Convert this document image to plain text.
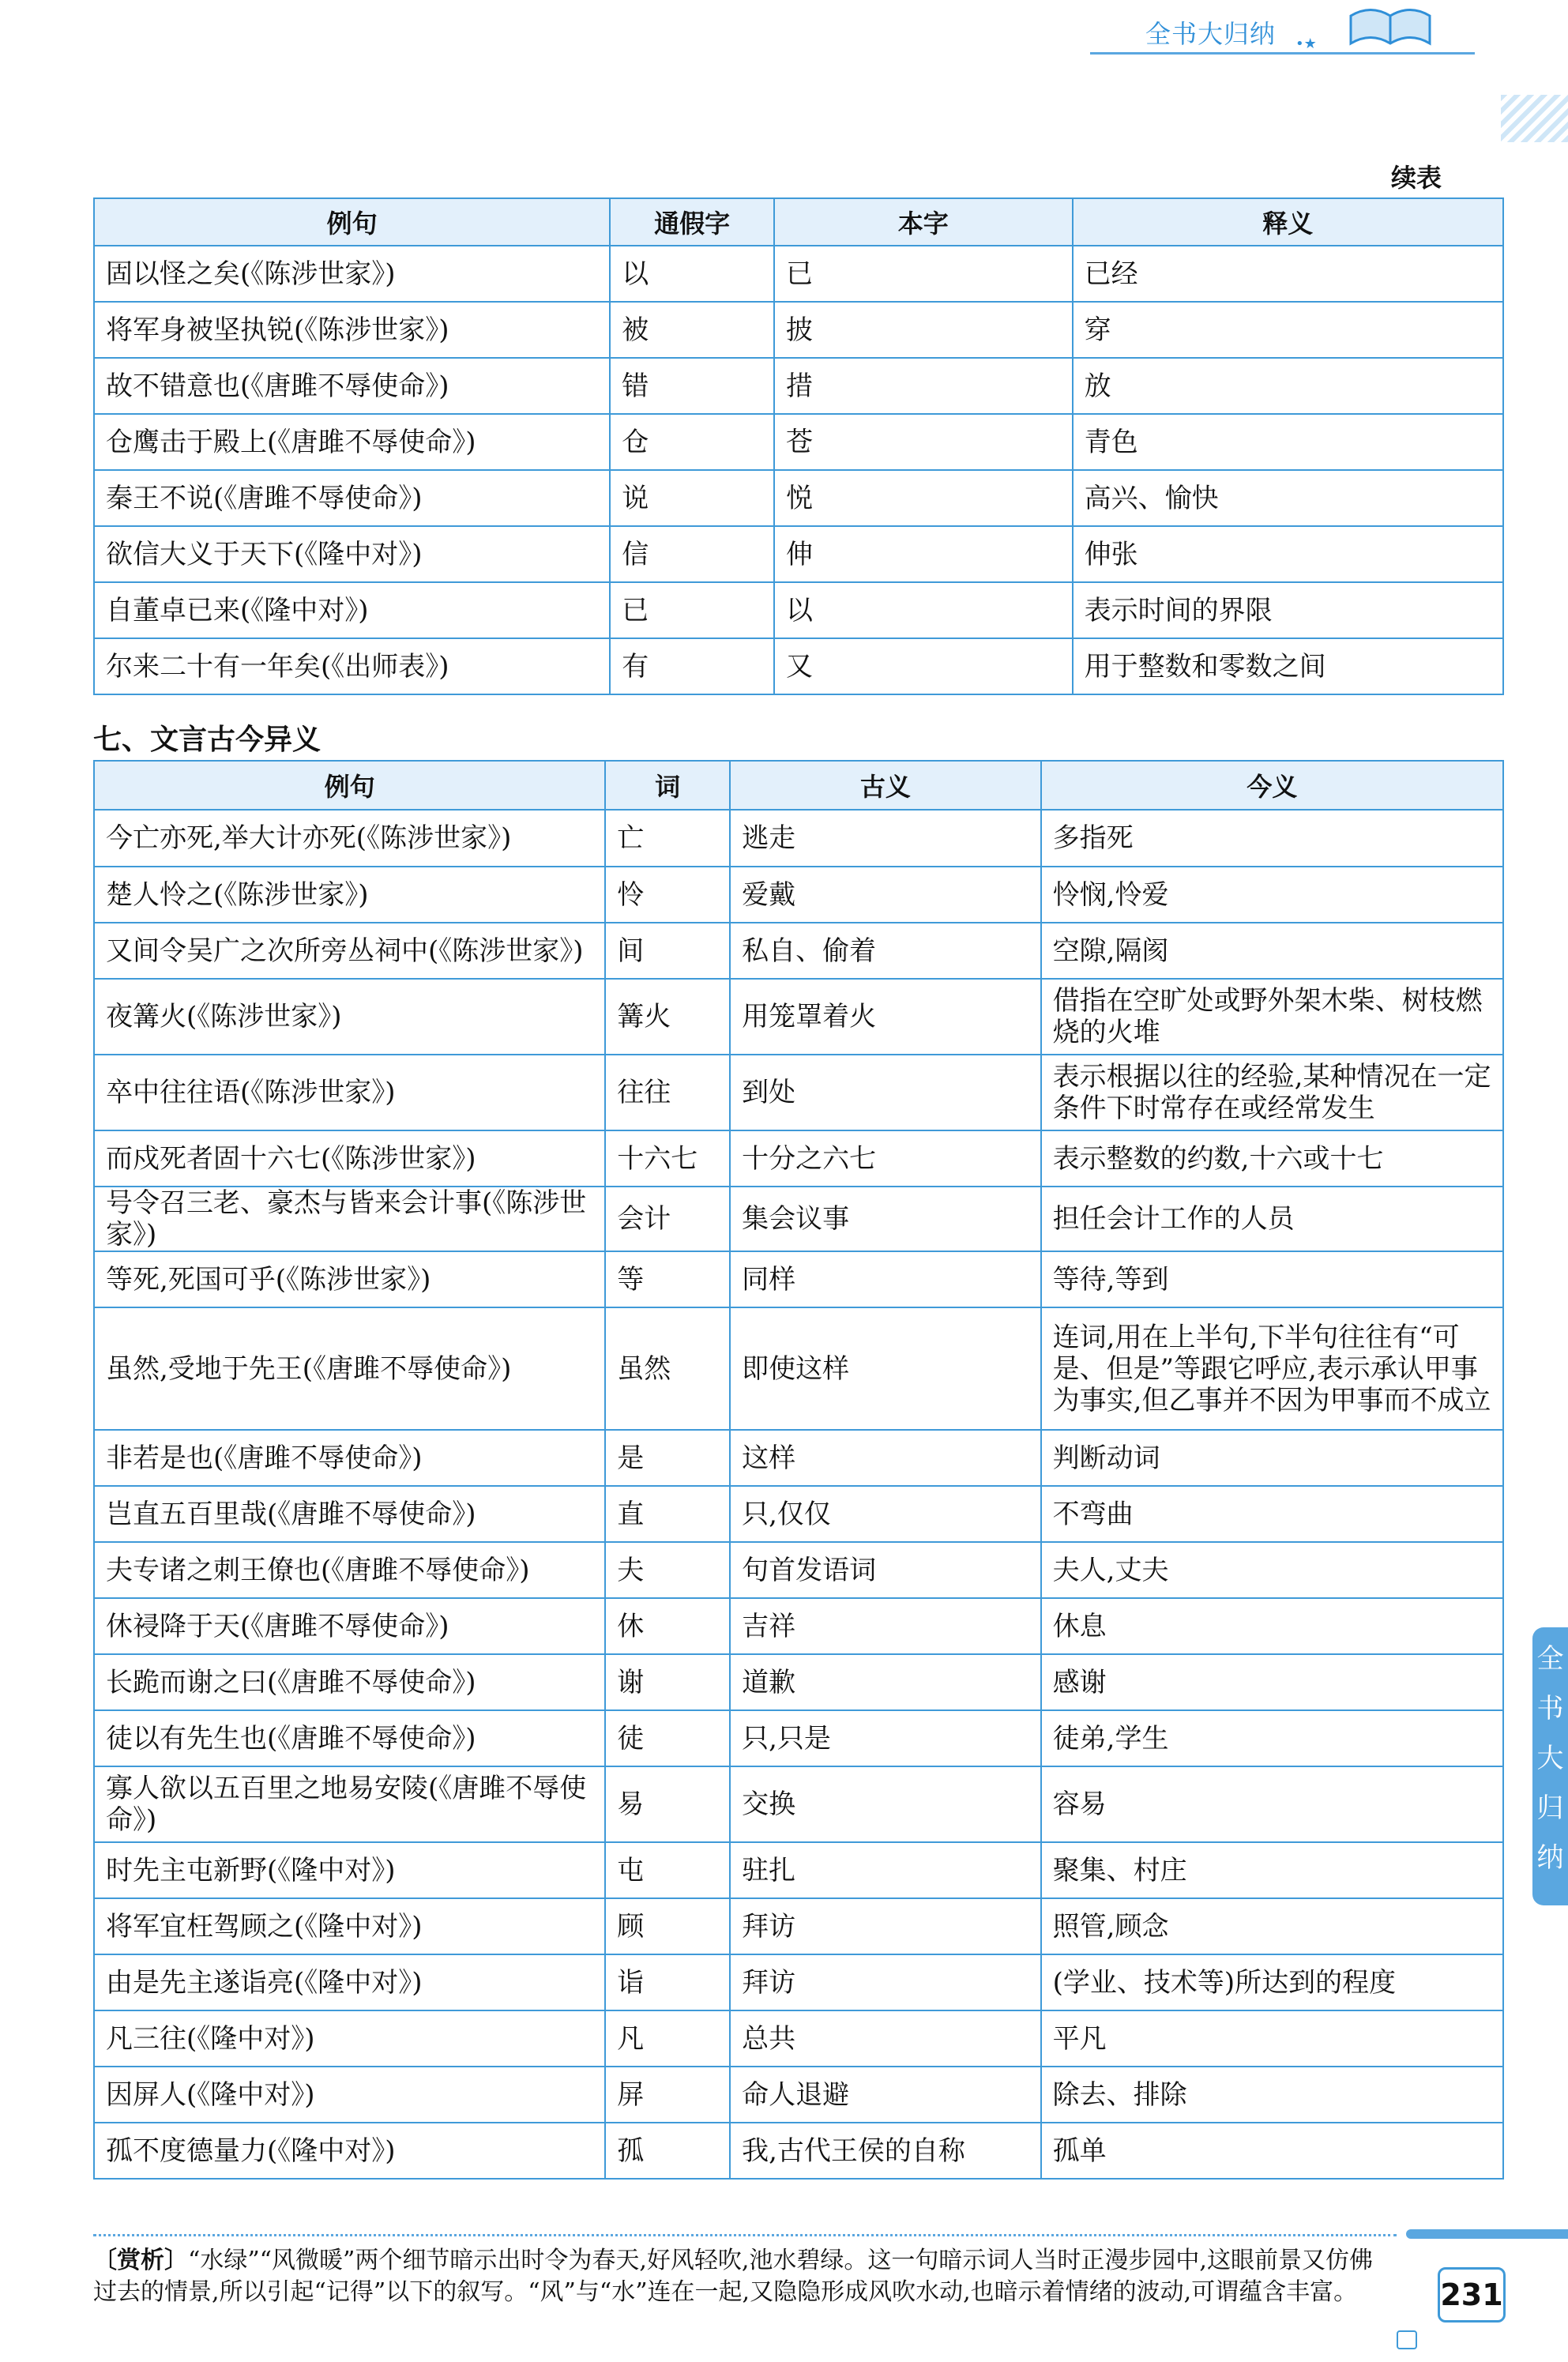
全书大归纳 •★
续表
例句	通假字	本字	释义
固以怪之矣(《陈涉世家》)	以	已	已经
将军身被坚执锐(《陈涉世家》)	被	披	穿
故不错意也(《唐雎不辱使命》)	错	措	放
仓鹰击于殿上(《唐雎不辱使命》)	仓	苍	青色
秦王不说(《唐雎不辱使命》)	说	悦	高兴、愉快
欲信大义于天下(《隆中对》)	信	伸	伸张
自董卓已来(《隆中对》)	已	以	表示时间的界限
尔来二十有一年矣(《出师表》)	有	又	用于整数和零数之间
七、文言古今异义
例句	词	古义	今义
今亡亦死,举大计亦死(《陈涉世家》)	亡	逃走	多指死
楚人怜之(《陈涉世家》)	怜	爱戴	怜悯,怜爱
又间令吴广之次所旁丛祠中(《陈涉世家》)	间	私自、偷着	空隙,隔阂
夜篝火(《陈涉世家》)	篝火	用笼罩着火	借指在空旷处或野外架木柴、树枝燃烧的火堆
卒中往往语(《陈涉世家》)	往往	到处	表示根据以往的经验,某种情况在一定条件下时常存在或经常发生
而戍死者固十六七(《陈涉世家》)	十六七	十分之六七	表示整数的约数,十六或十七
号令召三老、豪杰与皆来会计事(《陈涉世家》)	会计	集会议事	担任会计工作的人员
等死,死国可乎(《陈涉世家》)	等	同样	等待,等到
虽然,受地于先王(《唐雎不辱使命》)	虽然	即使这样	连词,用在上半句,下半句往往有“可是、但是”等跟它呼应,表示承认甲事为事实,但乙事并不因为甲事而不成立
非若是也(《唐雎不辱使命》)	是	这样	判断动词
岂直五百里哉(《唐雎不辱使命》)	直	只,仅仅	不弯曲
夫专诸之刺王僚也(《唐雎不辱使命》)	夫	句首发语词	夫人,丈夫
休祲降于天(《唐雎不辱使命》)	休	吉祥	休息
长跪而谢之曰(《唐雎不辱使命》)	谢	道歉	感谢
徒以有先生也(《唐雎不辱使命》)	徒	只,只是	徒弟,学生
寡人欲以五百里之地易安陵(《唐雎不辱使命》)	易	交换	容易
时先主屯新野(《隆中对》)	屯	驻扎	聚集、村庄
将军宜枉驾顾之(《隆中对》)	顾	拜访	照管,顾念
由是先主遂诣亮(《隆中对》)	诣	拜访	(学业、技术等)所达到的程度
凡三往(《隆中对》)	凡	总共	平凡
因屏人(《隆中对》)	屏	命人退避	除去、排除
孤不度德量力(《隆中对》)	孤	我,古代王侯的自称	孤单
全
书
大
归
纳
〔赏析〕“水绿”“风微暖”两个细节暗示出时令为春天,好风轻吹,池水碧绿。这一句暗示词人当时正漫步园中,这眼前景又仿佛过去的情景,所以引起“记得”以下的叙写。“风”与“水”连在一起,又隐隐形成风吹水动,也暗示着情绪的波动,可谓蕴含丰富。	231
